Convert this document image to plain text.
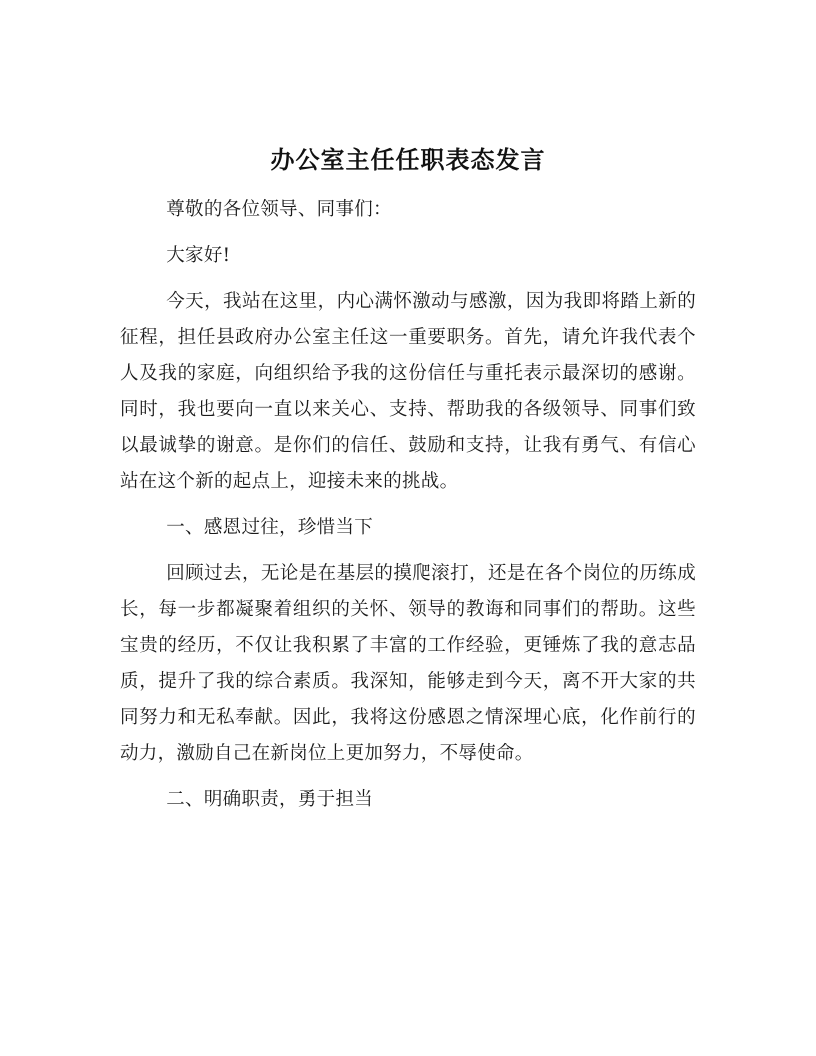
办公室主任任职表态发言

尊敬的各位领导、同事们：

大家好!

今天，我站在这里，内心满怀激动与感激，因为我即将踏上新的征程，担任县政府办公室主任这一重要职务。首先，请允许我代表个人及我的家庭，向组织给予我的这份信任与重托表示最深切的感谢。同时，我也要向一直以来关心、支持、帮助我的各级领导、同事们致以最诚挚的谢意。是你们的信任、鼓励和支持，让我有勇气、有信心站在这个新的起点上，迎接未来的挑战。

一、感恩过往，珍惜当下

回顾过去，无论是在基层的摸爬滚打，还是在各个岗位的历练成长，每一步都凝聚着组织的关怀、领导的教诲和同事们的帮助。这些宝贵的经历，不仅让我积累了丰富的工作经验，更锤炼了我的意志品质，提升了我的综合素质。我深知，能够走到今天，离不开大家的共同努力和无私奉献。因此，我将这份感恩之情深埋心底，化作前行的动力，激励自己在新岗位上更加努力，不辱使命。

二、明确职责，勇于担当
